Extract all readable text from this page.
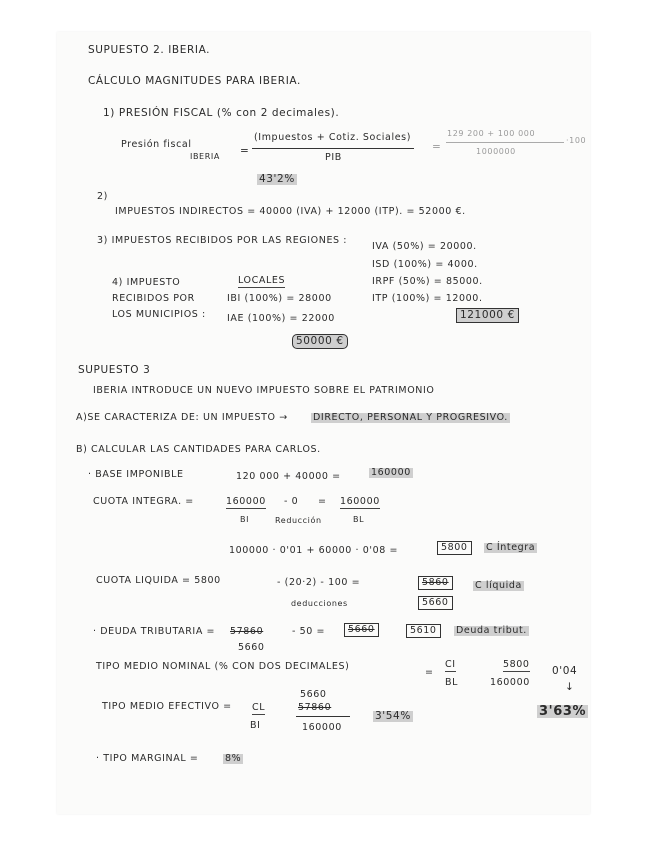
SUPUESTO 2. IBERIA.
CÁLCULO MAGNITUDES PARA IBERIA.
1) PRESIÓN FISCAL (% con 2 decimales).
Presión fiscal
IBERIA =
(Impuestos + Cotiz. Sociales)
PIB
=
129 200 + 100 000
1000000
·100
43'2%
2)
IMPUESTOS INDIRECTOS = 40000 (IVA) + 12000 (ITP). = 52000 €.
3) IMPUESTOS RECIBIDOS POR LAS REGIONES :
IVA (50%) = 20000.
ISD (100%) = 4000.
IRPF (50%) = 85000.
ITP (100%) = 12000.
121000 €
4) IMPUESTO
RECIBIDOS POR
LOS MUNICIPIOS :
LOCALES
IBI (100%) = 28000
IAE (100%) = 22000
50000 €
SUPUESTO 3
IBERIA INTRODUCE UN NUEVO IMPUESTO SOBRE EL PATRIMONIO
A)SE CARACTERIZA DE: UN IMPUESTO →	DIRECTO, PERSONAL Y PROGRESIVO.
B) CALCULAR LAS CANTIDADES PARA CARLOS.
· BASE IMPONIBLE	120 000 + 40000 =	160000
CUOTA INTEGRA. =	160000 - 0 = 160000
BI	Reducción	BL
100000 · 0'01 + 60000 · 0'08 =	5800	C Íntegra
CUOTA LIQUIDA = 5800	- (20·2) - 100 =
deducciones
5860
5660
C líquida
· DEUDA TRIBUTARIA = 57860
5660
- 50 =	5660	5610	Deuda tribut.
TIPO MEDIO NOMINAL (% CON DOS DECIMALES)
=
CI
BL
5800
160000
0'04
↓
3'63%
TIPO MEDIO EFECTIVO = CL
BI
5660
57860
160000
3'54%
· TIPO MARGINAL =	8%
